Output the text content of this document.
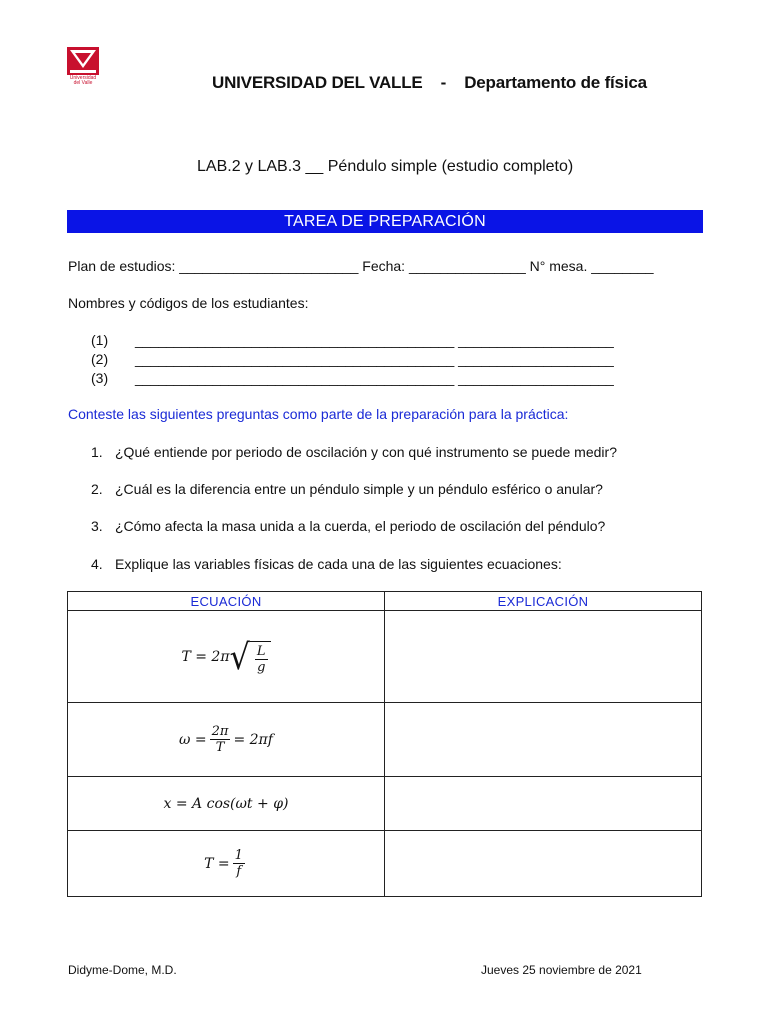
Universidad del Valle	UNIVERSIDAD DEL VALLE - Departamento de física
LAB.2 y LAB.3 __ Péndulo simple (estudio completo)
TAREA DE PREPARACIÓN
Plan de estudios: _______________________ Fecha: _______________ N° mesa. ________
Nombres y códigos de los estudiantes:
(1) _________________________________________ ____________________
(2) _________________________________________ ____________________
(3) _________________________________________ ____________________
Conteste las siguientes preguntas como parte de la preparación para la práctica:
1. ¿Qué entiende por periodo de oscilación y con qué instrumento se puede medir?
2. ¿Cuál es la diferencia entre un péndulo simple y un péndulo esférico o anular?
3. ¿Cómo afecta la masa unida a la cuerda, el periodo de oscilación del péndulo?
4. Explique las variables físicas de cada una de las siguientes ecuaciones:
ECUACIÓN	EXPLICACIÓN

T = 2π √ $\frac{L}{g}$

$\omega = \frac{2\pi}{T} = 2\pi f$	

x = A cos(ωt + φ)	

$T = \frac{1}{f}$

Didyme-Dome, M.D.	Jueves 25 noviembre de 2021
